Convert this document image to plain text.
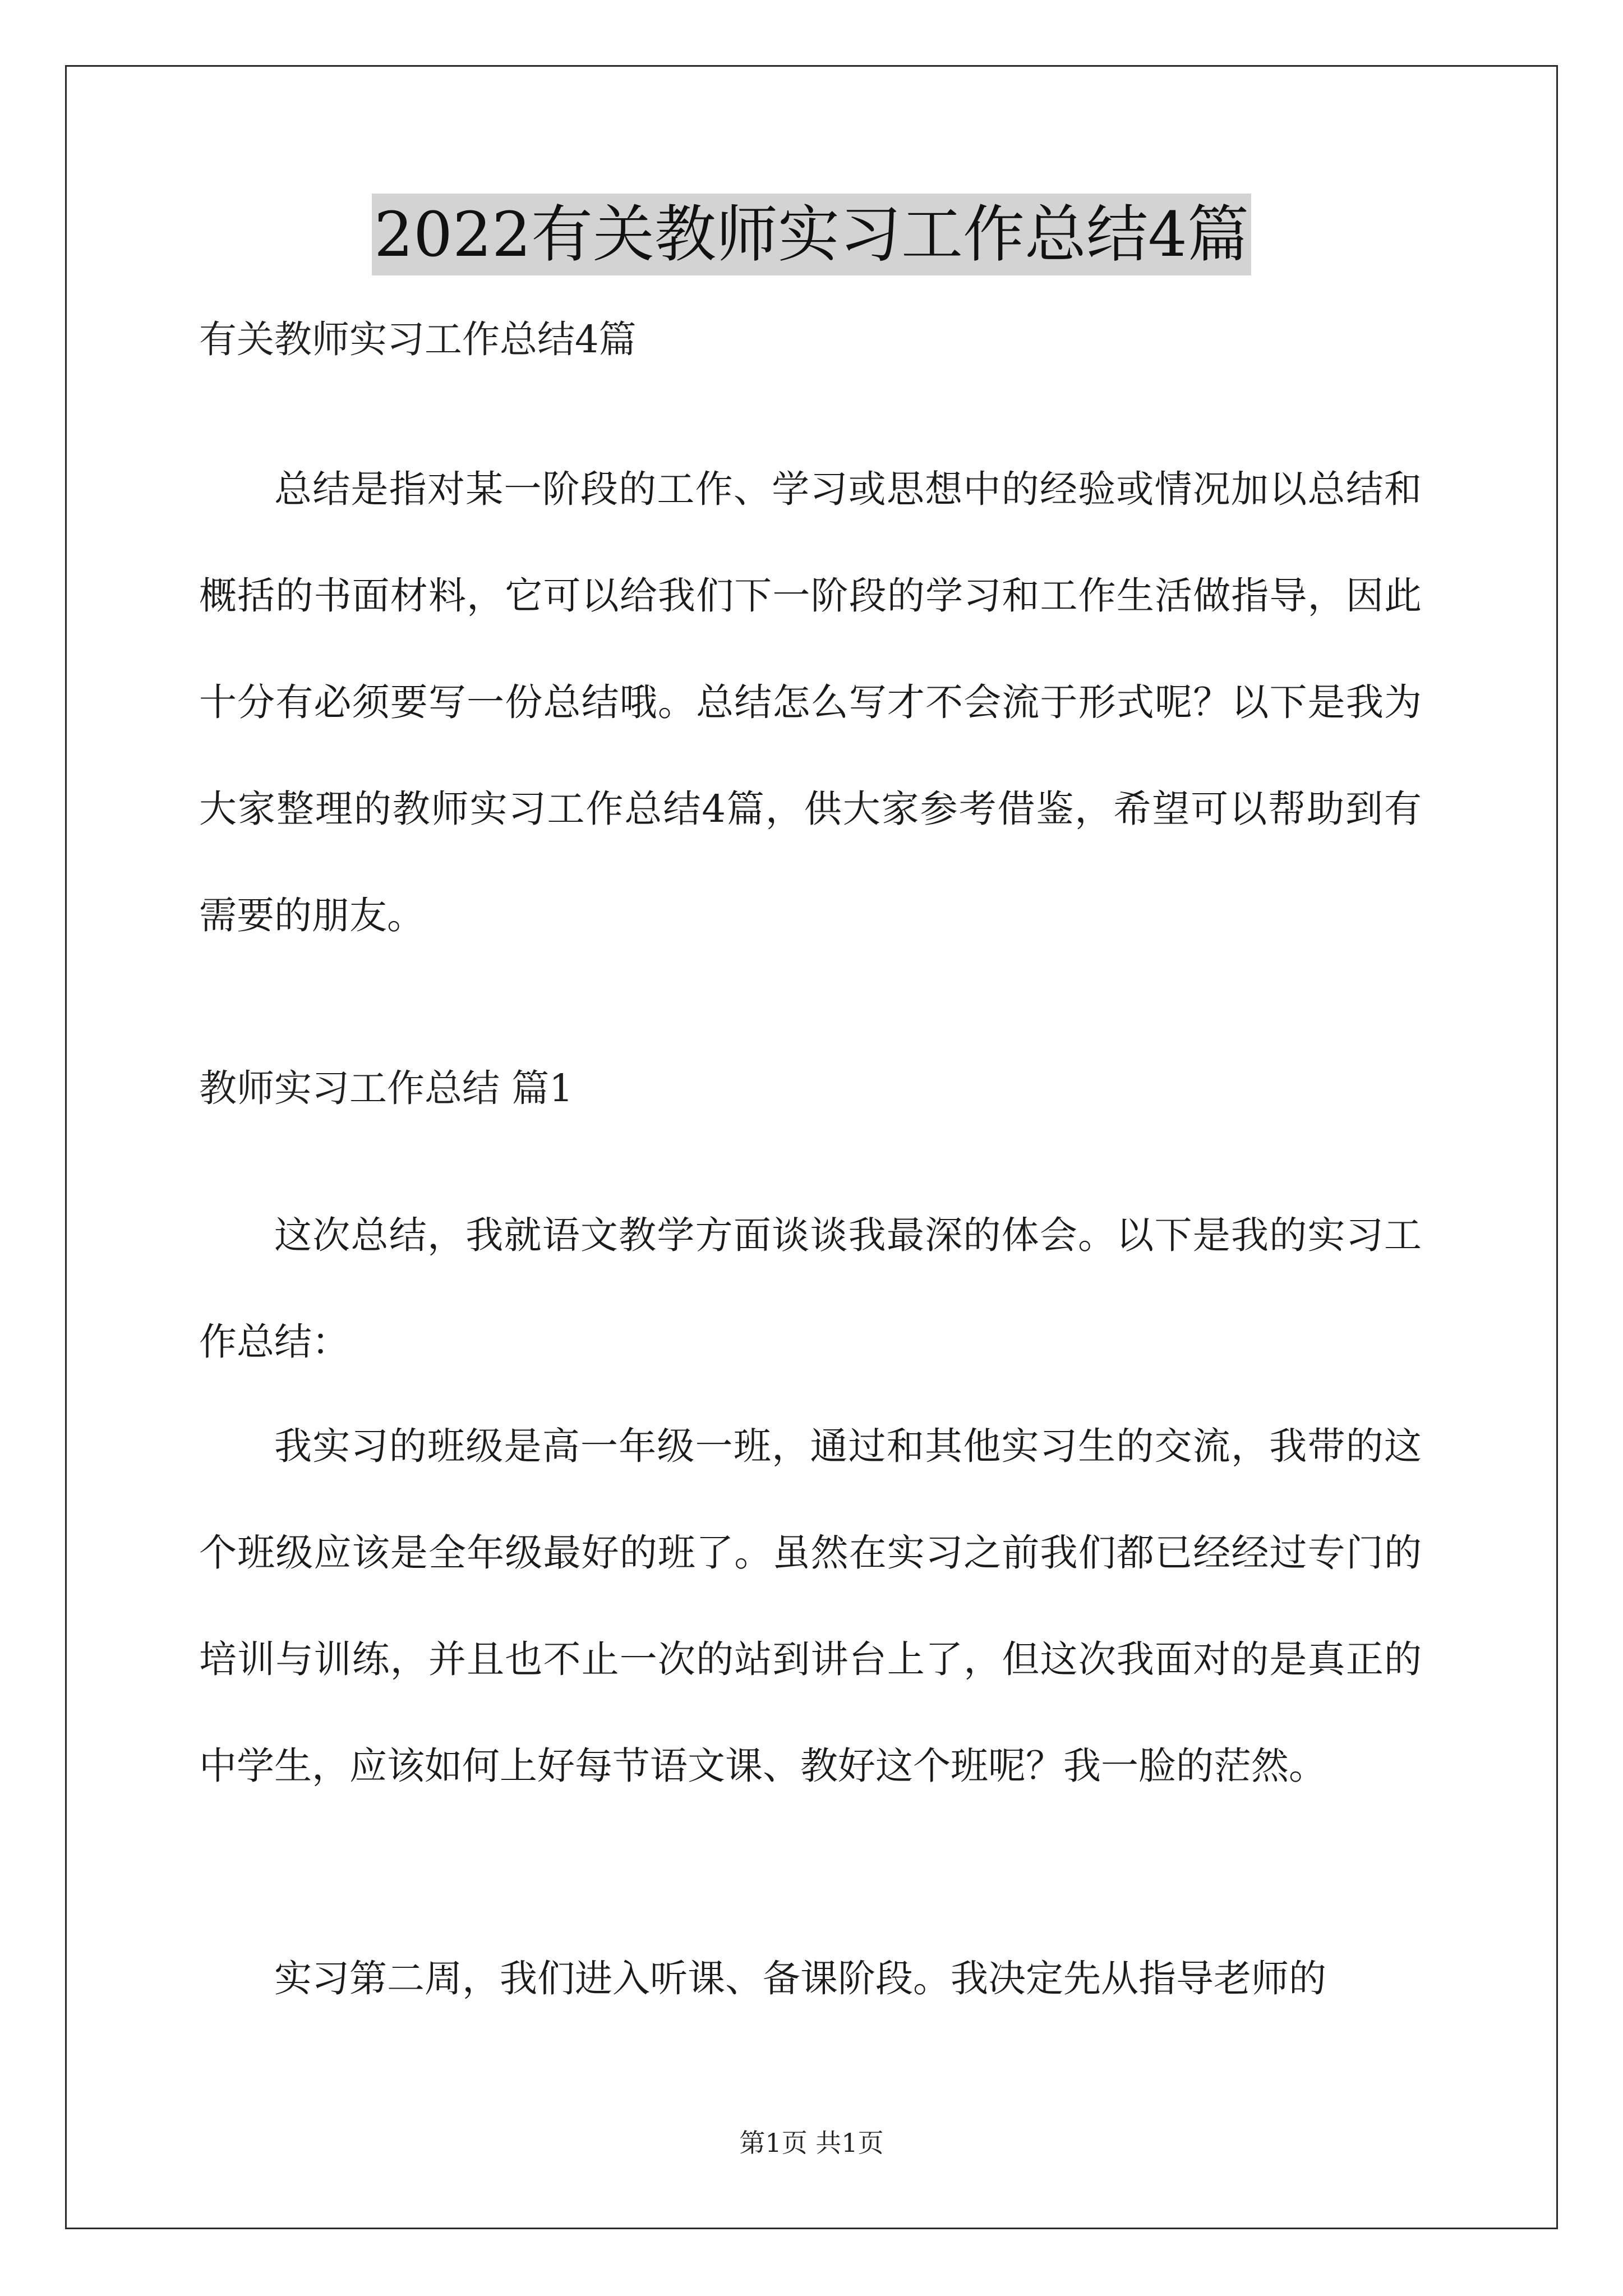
2022有关教师实习工作总结4篇
有关教师实习工作总结4篇

总结是指对某一阶段的工作、学习或思想中的经验或情况加以总结和概括的书面材料，它可以给我们下一阶段的学习和工作生活做指导，因此十分有必须要写一份总结哦。总结怎么写才不会流于形式呢？以下是我为大家整理的教师实习工作总结4篇，供大家参考借鉴，希望可以帮助到有需要的朋友。

教师实习工作总结 篇1

这次总结，我就语文教学方面谈谈我最深的体会。以下是我的实习工作总结：

我实习的班级是高一年级一班，通过和其他实习生的交流，我带的这个班级应该是全年级最好的班了。虽然在实习之前我们都已经经过专门的培训与训练，并且也不止一次的站到讲台上了，但这次我面对的是真正的中学生，应该如何上好每节语文课、教好这个班呢？我一脸的茫然。

实习第二周，我们进入听课、备课阶段。我决定先从指导老师的

第1页 共1页
